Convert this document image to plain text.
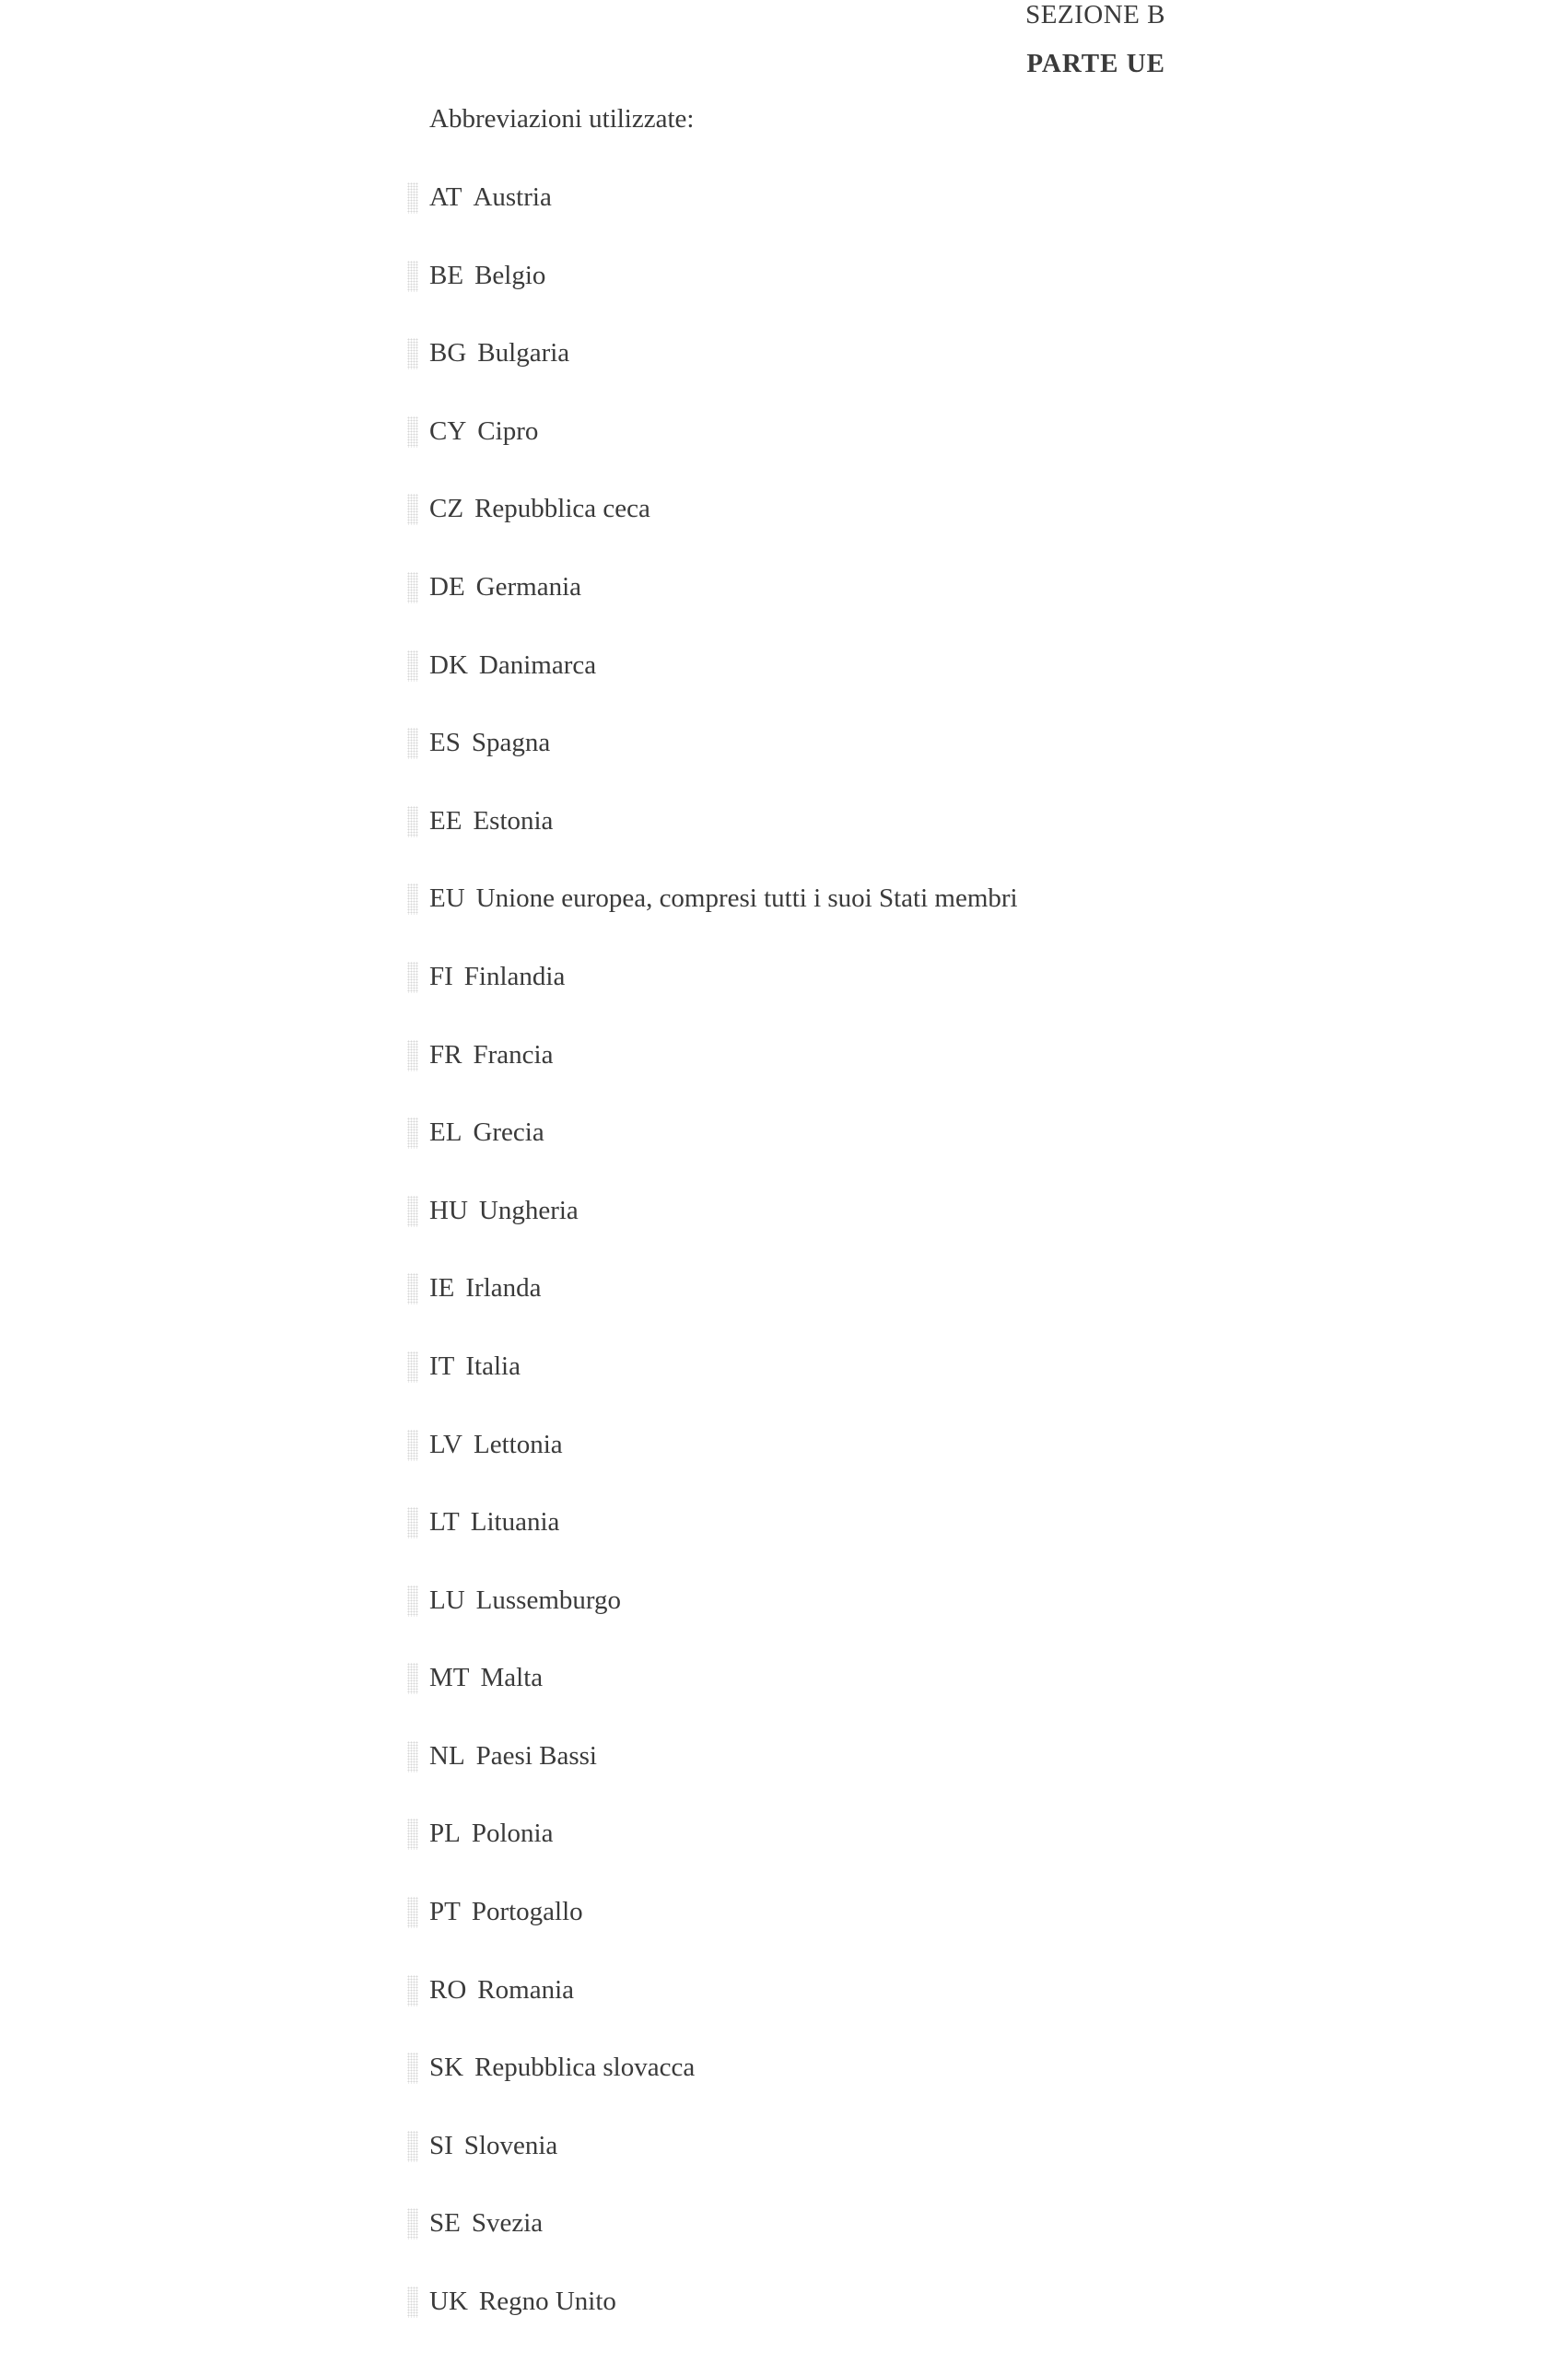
SEZIONE B
PARTE UE
Abbreviazioni utilizzate:
AT Austria
BE Belgio
BG Bulgaria
CY Cipro
CZ Repubblica ceca
DE Germania
DK Danimarca
ES Spagna
EE Estonia
EU Unione europea, compresi tutti i suoi Stati membri
FI Finlandia
FR Francia
EL Grecia
HU Ungheria
IE Irlanda
IT Italia
LV Lettonia
LT Lituania
LU Lussemburgo
MT Malta
NL Paesi Bassi
PL Polonia
PT Portogallo
RO Romania
SK Repubblica slovacca
SI Slovenia
SE Svezia
UK Regno Unito
